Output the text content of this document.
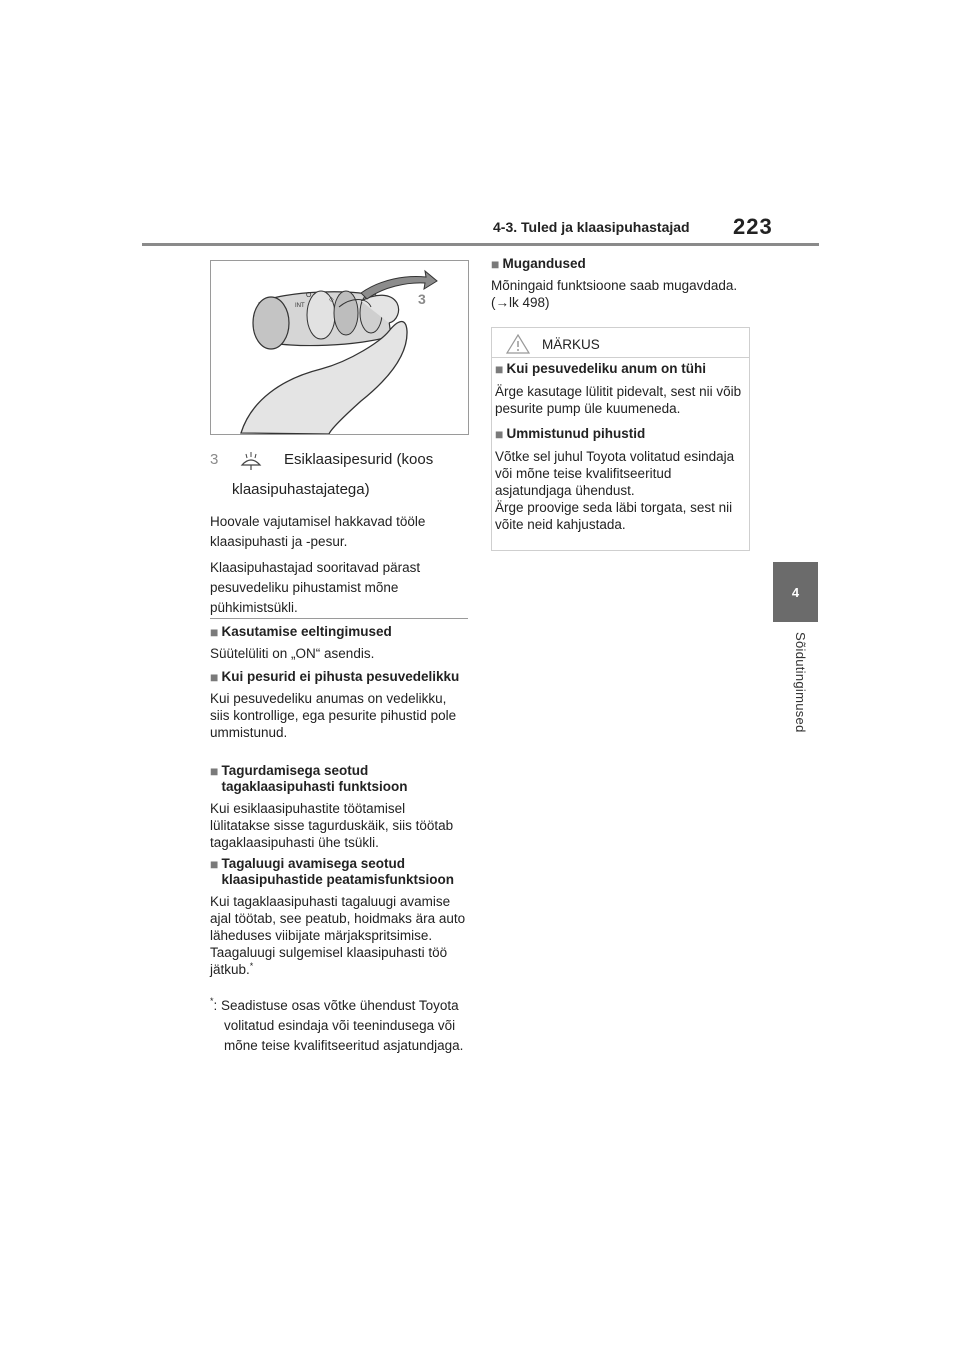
4-3. Tuled ja klaasipuhastajad 223
4
Sõidutingimused
O
INT
◇	3
3	Esiklaasipesurid (koos
klaasipuhastajatega)

Hoovale vajutamisel hakkavad tööle klaasipuhasti ja -pesur.

Klaasipuhastajad sooritavad pärast pesuvedeliku pihustamist mõne pühkimistsükli.

■ Kasutamise eeltingimused

Süütelüliti on „ON“ asendis.

■ Kui pesurid ei pihusta pesuvedelikku

Kui pesuvedeliku anumas on vedelikku, siis kontrollige, ega pesurite pihustid pole ummistunud.

■ Tagurdamisega seotud tagaklaasipuhasti funktsioon

Kui esiklaasipuhastite töötamisel lülitatakse sisse tagurduskäik, siis töötab tagaklaasipuhasti ühe tsükli.

■ Tagaluugi avamisega seotud klaasipuhastide peatamisfunktsioon

Kui tagaklaasipuhasti tagaluugi avamise ajal töötab, see peatub, hoidmaks ära auto läheduses viibijate märjakspritsimise. Taagaluugi sulgemisel klaasipuhasti töö jätkub.*

*: Seadistuse osas võtke ühendust Toyota volitatud esindaja või teenindusega või mõne teise kvalifitseeritud asjatundjaga.

■ Mugandused

Mõningaid funktsioone saab mugavdada. (→lk 498)

MÄRKUS
■ Kui pesuvedeliku anum on tühi

Ärge kasutage lülitit pidevalt, sest nii võib pesurite pump üle kuumeneda.

■ Ummistunud pihustid

Võtke sel juhul Toyota volitatud esindaja või mõne teise kvalifitseeritud asjatundjaga ühendust.

Ärge proovige seda läbi torgata, sest nii võite neid kahjustada.
